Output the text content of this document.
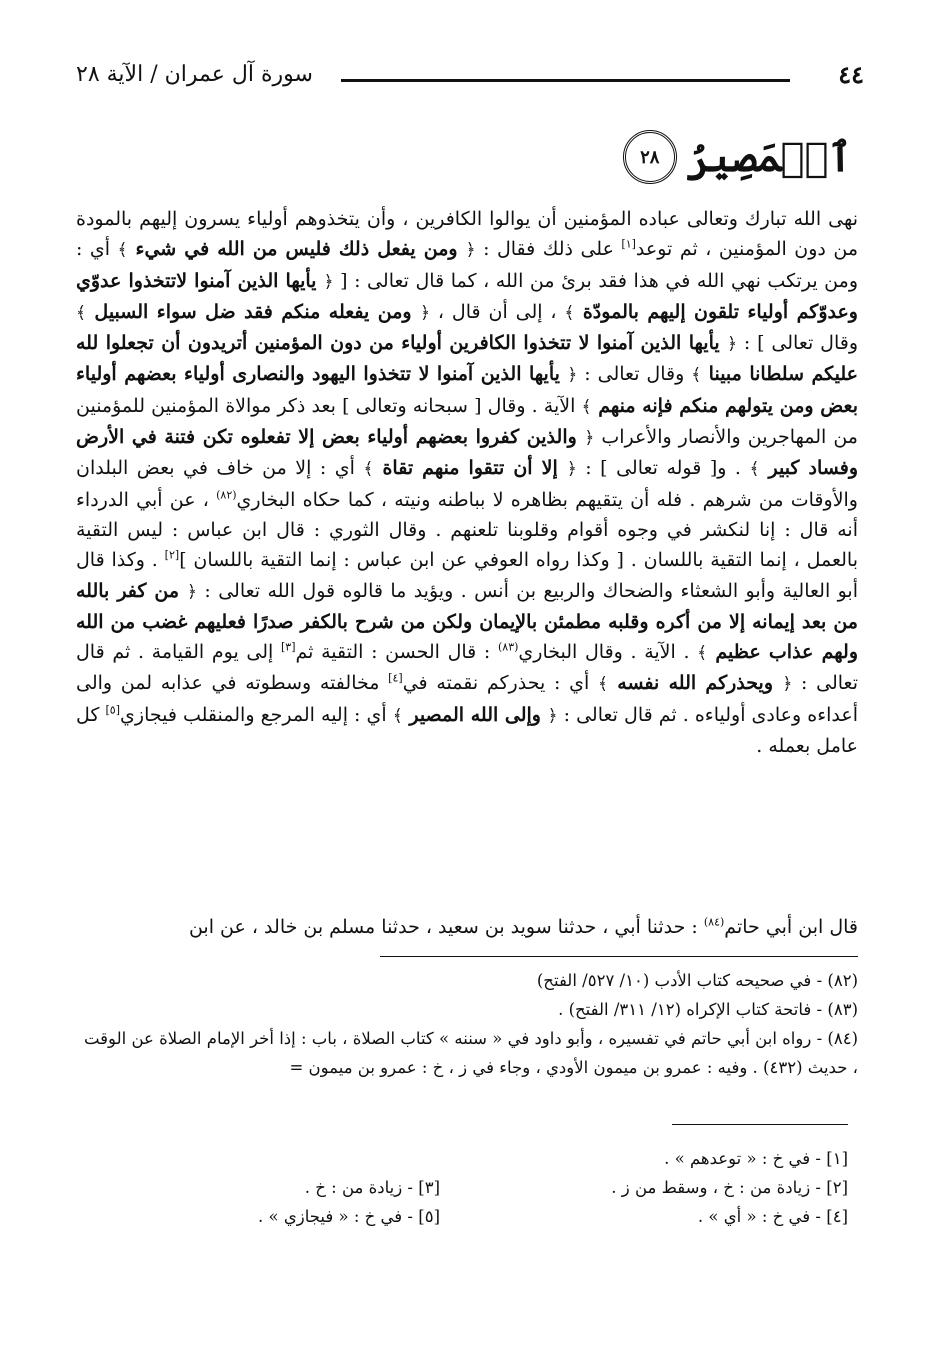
٤٤
سورة آل عمران / الآية ٢٨
ٱلۡمَصِيرُ
٢٨

نهى الله تبارك وتعالى عباده المؤمنين أن يوالوا الكافرين ، وأن يتخذوهم أولياء يسرون إليهم بالمودة من دون المؤمنين ، ثم توعد[١] على ذلك فقال : ﴿ ومن يفعل ذلك فليس من الله في شيء ﴾ أي : ومن يرتكب نهي الله في هذا فقد برئ من الله ، كما قال تعالى : [ ﴿ يأيها الذين آمنوا لاتتخذوا عدوّي وعدوّكم أولياء تلقون إليهم بالمودّة ﴾ ، إلى أن قال ، ﴿ ومن يفعله منكم فقد ضل سواء السبيل ﴾ وقال تعالى ] : ﴿ يأيها الذين آمنوا لا تتخذوا الكافرين أولياء من دون المؤمنين أتريدون أن تجعلوا لله عليكم سلطانا مبينا ﴾ وقال تعالى : ﴿ يأيها الذين آمنوا لا تتخذوا اليهود والنصارى أولياء بعضهم أولياء بعض ومن يتولهم منكم فإنه منهم ﴾ الآية . وقال [ سبحانه وتعالى ] بعد ذكر موالاة المؤمنين للمؤمنين من المهاجرين والأنصار والأعراب ﴿ والذين كفروا بعضهم أولياء بعض إلا تفعلوه تكن فتنة في الأرض وفساد كبير ﴾ . و[ قوله تعالى ] : ﴿ إلا أن تتقوا منهم تقاة ﴾ أي : إلا من خاف في بعض البلدان والأوقات من شرهم . فله أن يتقيهم بظاهره لا بباطنه ونيته ، كما حكاه البخاري$^{(٨٢)}$ ، عن أبي الدرداء أنه قال : إنا لنكشر في وجوه أقوام وقلوبنا تلعنهم . وقال الثوري : قال ابن عباس : ليس التقية بالعمل ، إنما التقية باللسان . [ وكذا رواه العوفي عن ابن عباس : إنما التقية باللسان ][٢] . وكذا قال أبو العالية وأبو الشعثاء والضحاك والربيع بن أنس . ويؤيد ما قالوه قول الله تعالى : ﴿ من كفر بالله من بعد إيمانه إلا من أكره وقلبه مطمئن بالإيمان ولكن من شرح بالكفر صدرًا فعليهم غضب من الله ولهم عذاب عظيم ﴾ . الآية . وقال البخاري$^{(٨٣)}$ : قال الحسن : التقية ثم[٣] إلى يوم القيامة . ثم قال تعالى : ﴿ ويحذركم الله نفسه ﴾ أي : يحذركم نقمته في[٤] مخالفته وسطوته في عذابه لمن والى أعداءه وعادى أولياءه . ثم قال تعالى : ﴿ وإلى الله المصير ﴾ أي : إليه المرجع والمنقلب فيجازي[٥] كل عامل بعمله .

قال ابن أبي حاتم$^{(٨٤)}$ : حدثنا أبي ، حدثنا سويد بن سعيد ، حدثنا مسلم بن خالد ، عن ابن

(٨٢) - في صحيحه كتاب الأدب (١٠/ ٥٢٧/ الفتح)

(٨٣) - فاتحة كتاب الإكراه (١٢/ ٣١١/ الفتح) .

(٨٤) - رواه ابن أبي حاتم في تفسيره ، وأبو داود في « سننه » كتاب الصلاة ، باب : إذا أخر الإمام الصلاة عن الوقت ، حديث (٤٣٢) . وفيه : عمرو بن ميمون الأودي ، وجاء في ز ، خ : عمرو بن ميمون =

[١] - في خ : « توعدهم » .
[٢] - زيادة من : خ ، وسقط من ز .
[٣] - زيادة من : خ .
[٤] - في خ : « أي » .
[٥] - في خ : « فيجازي » .
